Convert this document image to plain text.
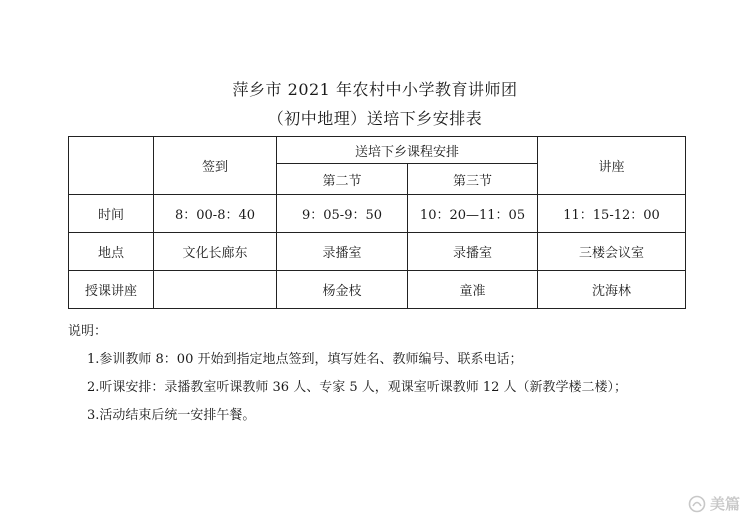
萍乡市 2021 年农村中小学教育讲师团
（初中地理）送培下乡安排表
	签到	送培下乡课程安排		讲座
		第二节	第三节	
时间	8：00-8：40	9：05-9：50	10：20—11：05	11：15-12：00
地点	文化长廊东	录播室	录播室	三楼会议室
授课讲座		杨金枝	童准	沈海林
说明：
1.参训教师 8：00 开始到指定地点签到，填写姓名、教师编号、联系电话；
2.听课安排：录播教室听课教师 36 人、专家 5 人，观课室听课教师 12 人（新教学楼二楼）；
3.活动结束后统一安排午餐。
美篇
